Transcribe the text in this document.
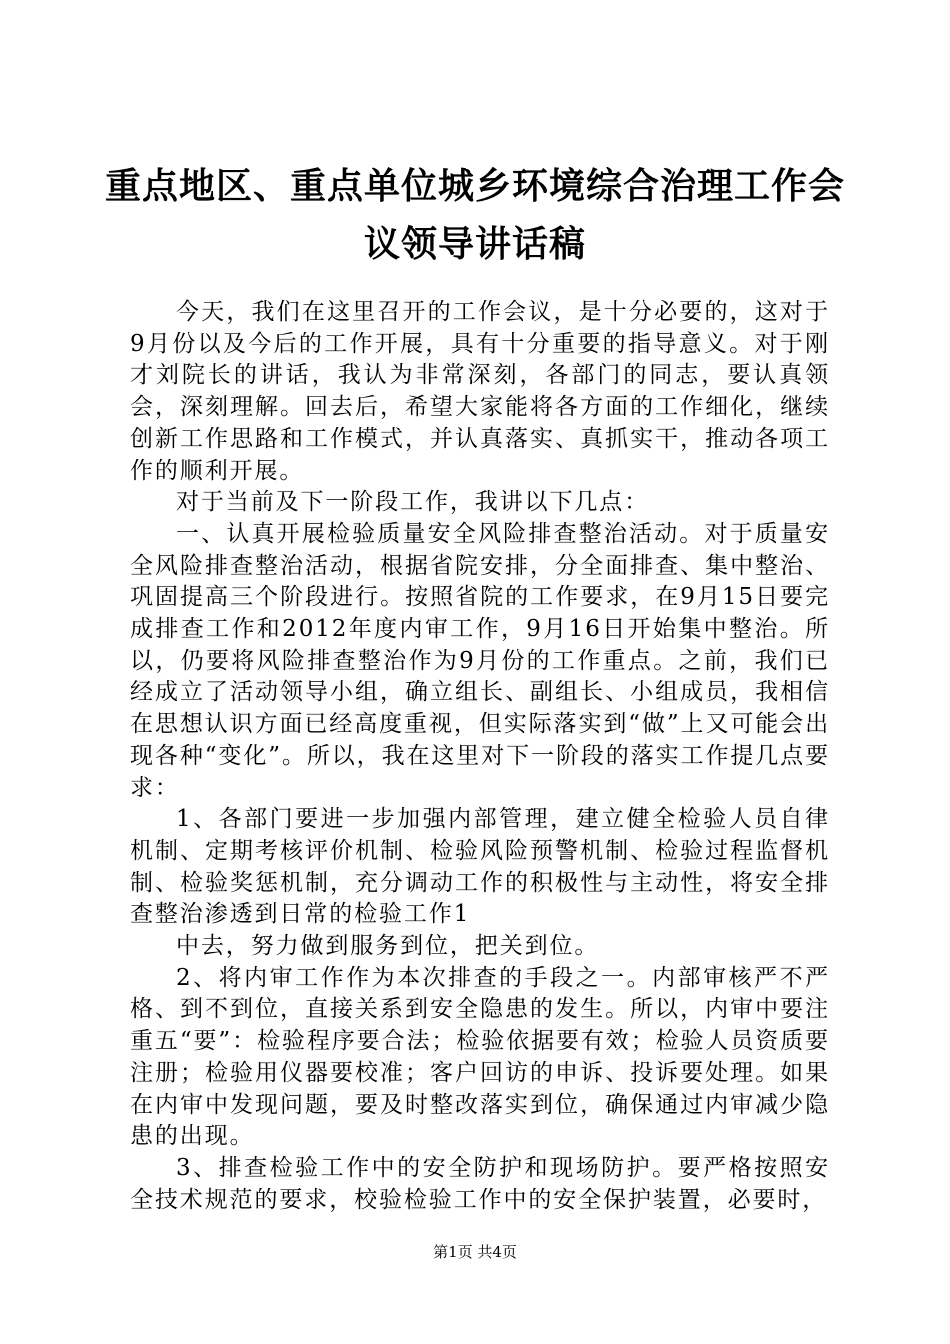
重点地区、重点单位城乡环境综合治理工作会
议领导讲话稿

今天，我们在这里召开的工作会议，是十分必要的，这对于9月份以及今后的工作开展，具有十分重要的指导意义。对于刚才刘院长的讲话，我认为非常深刻，各部门的同志，要认真领会，深刻理解。回去后，希望大家能将各方面的工作细化，继续创新工作思路和工作模式，并认真落实、真抓实干，推动各项工作的顺利开展。

对于当前及下一阶段工作，我讲以下几点：

一、认真开展检验质量安全风险排查整治活动。对于质量安全风险排查整治活动，根据省院安排，分全面排查、集中整治、巩固提高三个阶段进行。按照省院的工作要求，在9月15日要完成排查工作和2012年度内审工作，9月16日开始集中整治。所以，仍要将风险排查整治作为9月份的工作重点。之前，我们已经成立了活动领导小组，确立组长、副组长、小组成员，我相信在思想认识方面已经高度重视，但实际落实到“做”上又可能会出现各种“变化”。所以，我在这里对下一阶段的落实工作提几点要求：

1、各部门要进一步加强内部管理，建立健全检验人员自律机制、定期考核评价机制、检验风险预警机制、检验过程监督机制、检验奖惩机制，充分调动工作的积极性与主动性，将安全排查整治渗透到日常的检验工作1

中去，努力做到服务到位，把关到位。

2、将内审工作作为本次排查的手段之一。内部审核严不严格、到不到位，直接关系到安全隐患的发生。所以，内审中要注重五“要”：检验程序要合法；检验依据要有效；检验人员资质要注册；检验用仪器要校准；客户回访的申诉、投诉要处理。如果在内审中发现问题，要及时整改落实到位，确保通过内审减少隐患的出现。

3、排查检验工作中的安全防护和现场防护。要严格按照安全技术规范的要求，校验检验工作中的安全保护装置，必要时，

第1页 共4页
